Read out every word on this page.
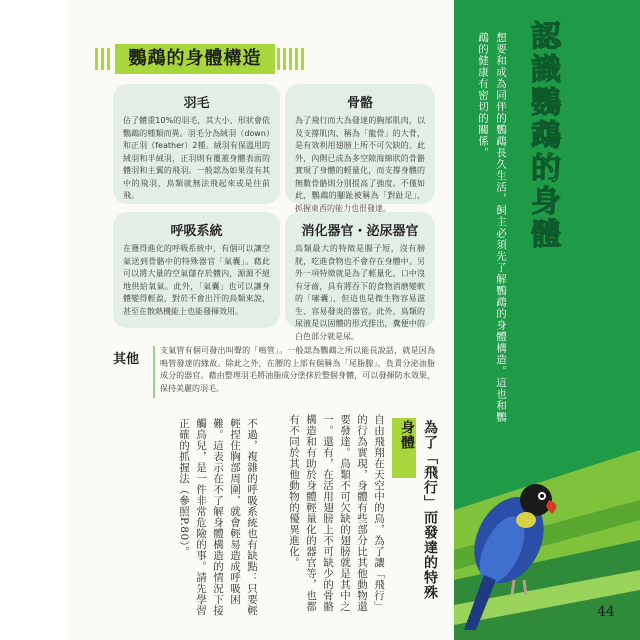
鸚鵡的身體構造
羽毛

佔了體重10%的羽毛，其大小、形狀會依鸚鵡的種類而異。羽毛分為絨羽（down）和正羽（feather）2種。絨羽有保溫用的絨羽和半絨羽，正羽則有覆蓋身體表面的體羽和主翼的飛羽。一般認為如果沒有其中的飛羽，鳥類就無法飛起來或是往前飛。

骨骼

為了飛行而大為發達的胸部肌肉，以及支撐肌肉、稱為「龍骨」的大骨，是有效利用翅膀上所不可欠缺的。此外，內側已成為多空隙海綿狀的骨骼實現了身體的輕量化，而支撐身體的無數骨骼則分別提高了強度。不僅如此，鸚鵡的腳趾被稱為「對趾足」，抓握東西的能力也很發達。

呼吸系統

在獲得進化的呼吸系統中，有個可以讓空氣送到骨骼中的特殊器官「氣囊」。藉此可以將大量的空氣儲存於體內，源源不絕地供給氧氣。此外，「氣囊」也可以讓身體變得輕盈，對於不會出汗的鳥類來說，甚至在散熱機能上也能發揮效用。

消化器官・泌尿器官

鳥類最大的特徵是腸子短，沒有膀胱，吃進食物也不會存在身體中。另外一項特徵就是為了輕量化，口中沒有牙齒，具有將吞下的食物消磨變軟的「嗉囊」，但這也是微生物容易滋生、容易發炎的器官。此外，鳥類的尿液是以固體的形式排出，糞便中的白色部分就是尿。

其他

支氣管有個可發出叫聲的「鳴管」。一般認為鸚鵡之所以能長說話，就是因為鳴管發達的緣故。除此之外，在腰的上部有個稱為「尾脂腺」，負責分泌油脂成分的器官。藉由整理羽毛將油脂成分塗抹於整個身體，可以發揮防水效果，保持美麗的羽毛。

不過，複雜的呼吸系統也有缺點：只要輕輕捏住胸部周圍，就會輕易造成呼吸困難。這表示在不了解身體構造的情況下接觸鳥兒，是一件非常危險的事。請先學習正確的抓握法（參照P.80）。	自由飛翔在天空中的鳥，為了讓「飛行」的行為實現，身體有些部分比其他動物還要發達。鳥類不可欠缺的翅膀就是其中之一。還有，在活用翅膀上不可缺少的骨骼構造和有助於身體輕量化的器官等，也都有不同於其他動物的優異進化。	為了「飛行」而發達的特殊身體

認識鸚鵡的身體

想要和成為同伴的鸚鵡長久生活，飼主必須先了解鸚鵡的身體構造。這也和鸚鵡的健康有密切的關係。

44
